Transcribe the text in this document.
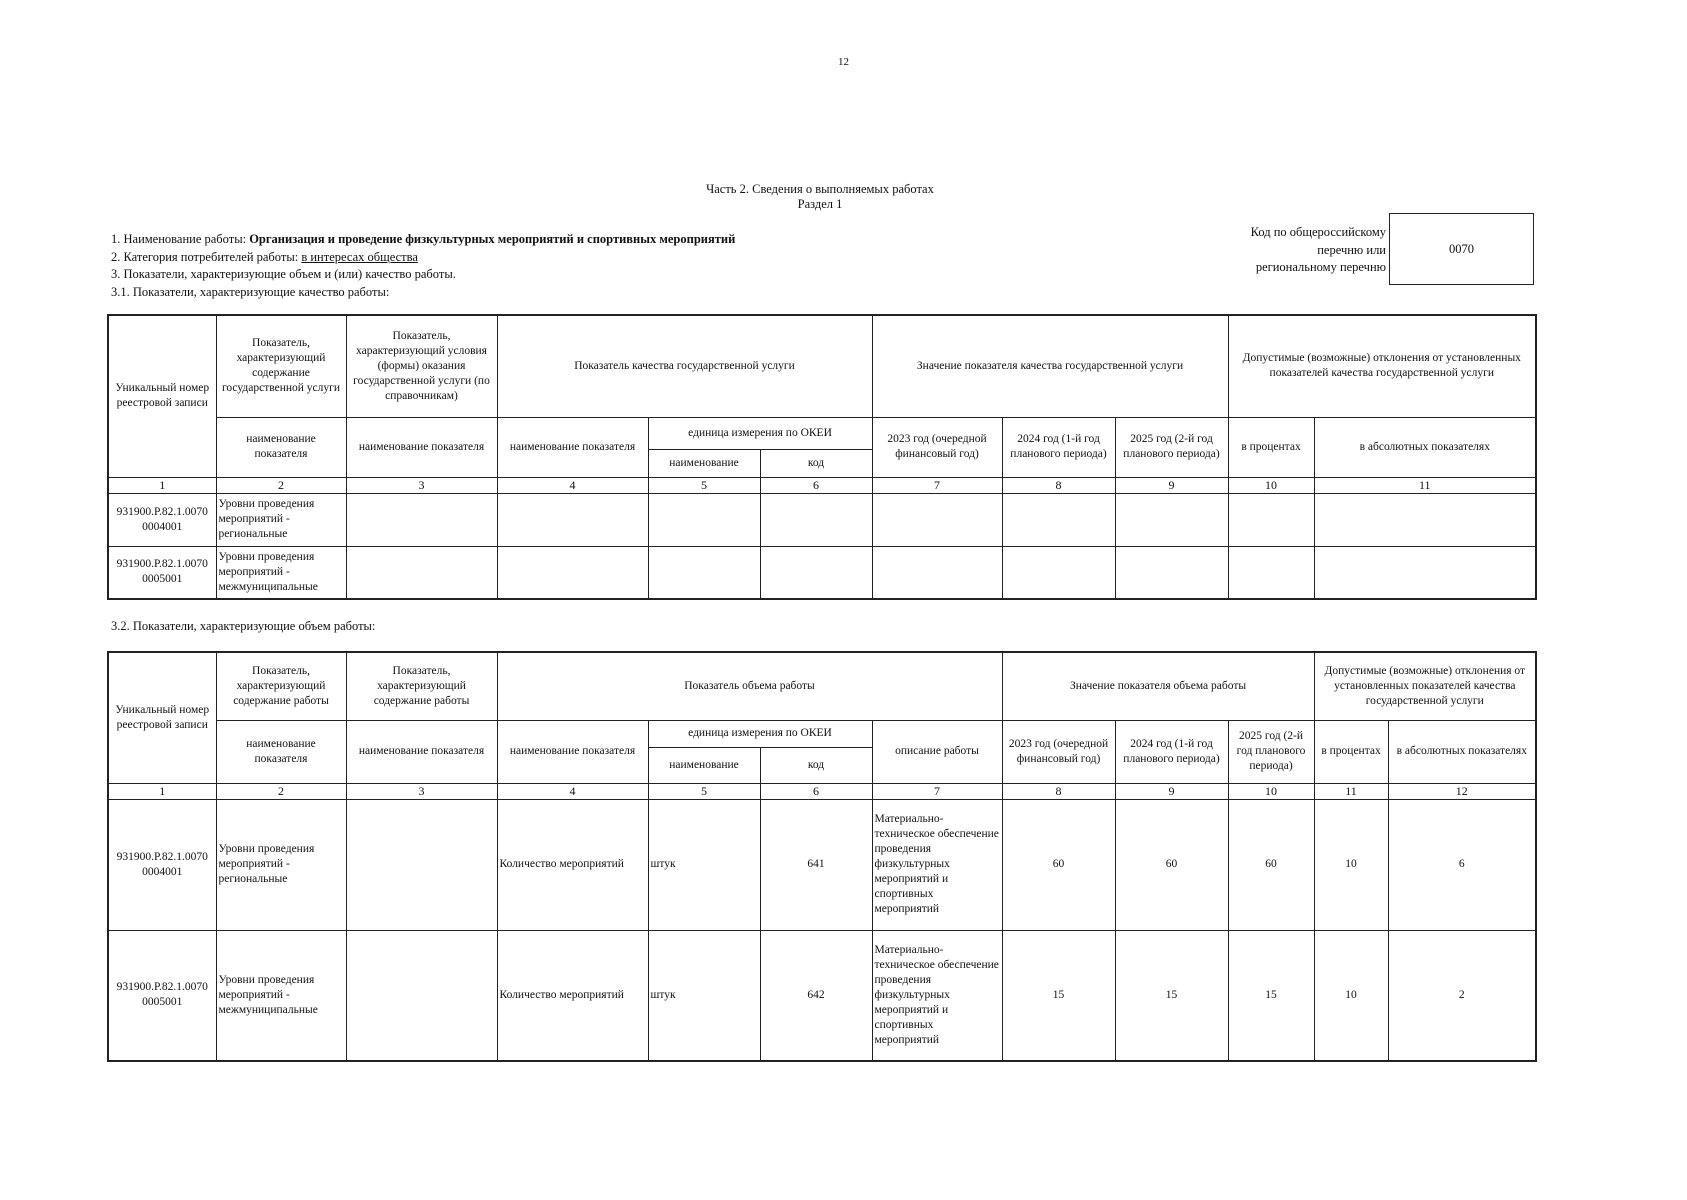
12
Часть 2. Сведения о выполняемых работах
Раздел 1
1. Наименование работы: Организация и проведение физкультурных мероприятий и спортивных мероприятий
2. Категория потребителей работы: в интересах общества
3. Показатели, характеризующие объем и (или) качество работы.
3.1. Показатели, характеризующие качество работы:
Код по общероссийскому
перечню или
региональному перечню
0070
Уникальный номер реестровой записи	Показатель, характеризующий содержание государственной услуги	Показатель, характеризующий условия (формы) оказания государственной услуги (по справочникам)	Показатель качества государственной услуги			Значение показателя качества государственной услуги			Допустимые (возможные) отклонения от установленных показателей качества государственной услуги	
	наименование показателя	наименование показателя	наименование показателя	единица измерения по ОКЕИ		2023 год (очередной финансовый год)	2024 год (1-й год планового периода)	2025 год (2-й год планового периода)	в процентах	в абсолютных показателях
				наименование	код					
1	2	3	4	5	6	7	8	9	10	11
931900.Р.82.1.0070 0004001	Уровни проведения мероприятий - региональные									
931900.Р.82.1.0070 0005001	Уровни проведения мероприятий - межмуниципальные									
3.2. Показатели, характеризующие объем работы:
Уникальный номер реестровой записи	Показатель, характеризующий содержание работы	Показатель, характеризующий содержание работы	Показатель объема работы				Значение показателя объема работы			Допустимые (возможные) отклонения от установленных показателей качества государственной услуги	
	наименование показателя	наименование показателя	наименование показателя	единица измерения по ОКЕИ		описание работы	2023 год (очередной финансовый год)	2024 год (1-й год планового периода)	2025 год (2-й год планового периода)	в процентах	в абсолютных показателях
				наименование	код						
1	2	3	4	5	6	7	8	9	10	11	12
931900.Р.82.1.0070 0004001	Уровни проведения мероприятий - региональные		Количество мероприятий	штук	641	Материально-техническое обеспечение проведения физкультурных мероприятий и спортивных мероприятий	60	60	60	10	6
931900.Р.82.1.0070 0005001	Уровни проведения мероприятий - межмуниципальные		Количество мероприятий	штук	642	Материально-техническое обеспечение проведения физкультурных мероприятий и спортивных мероприятий	15	15	15	10	2
